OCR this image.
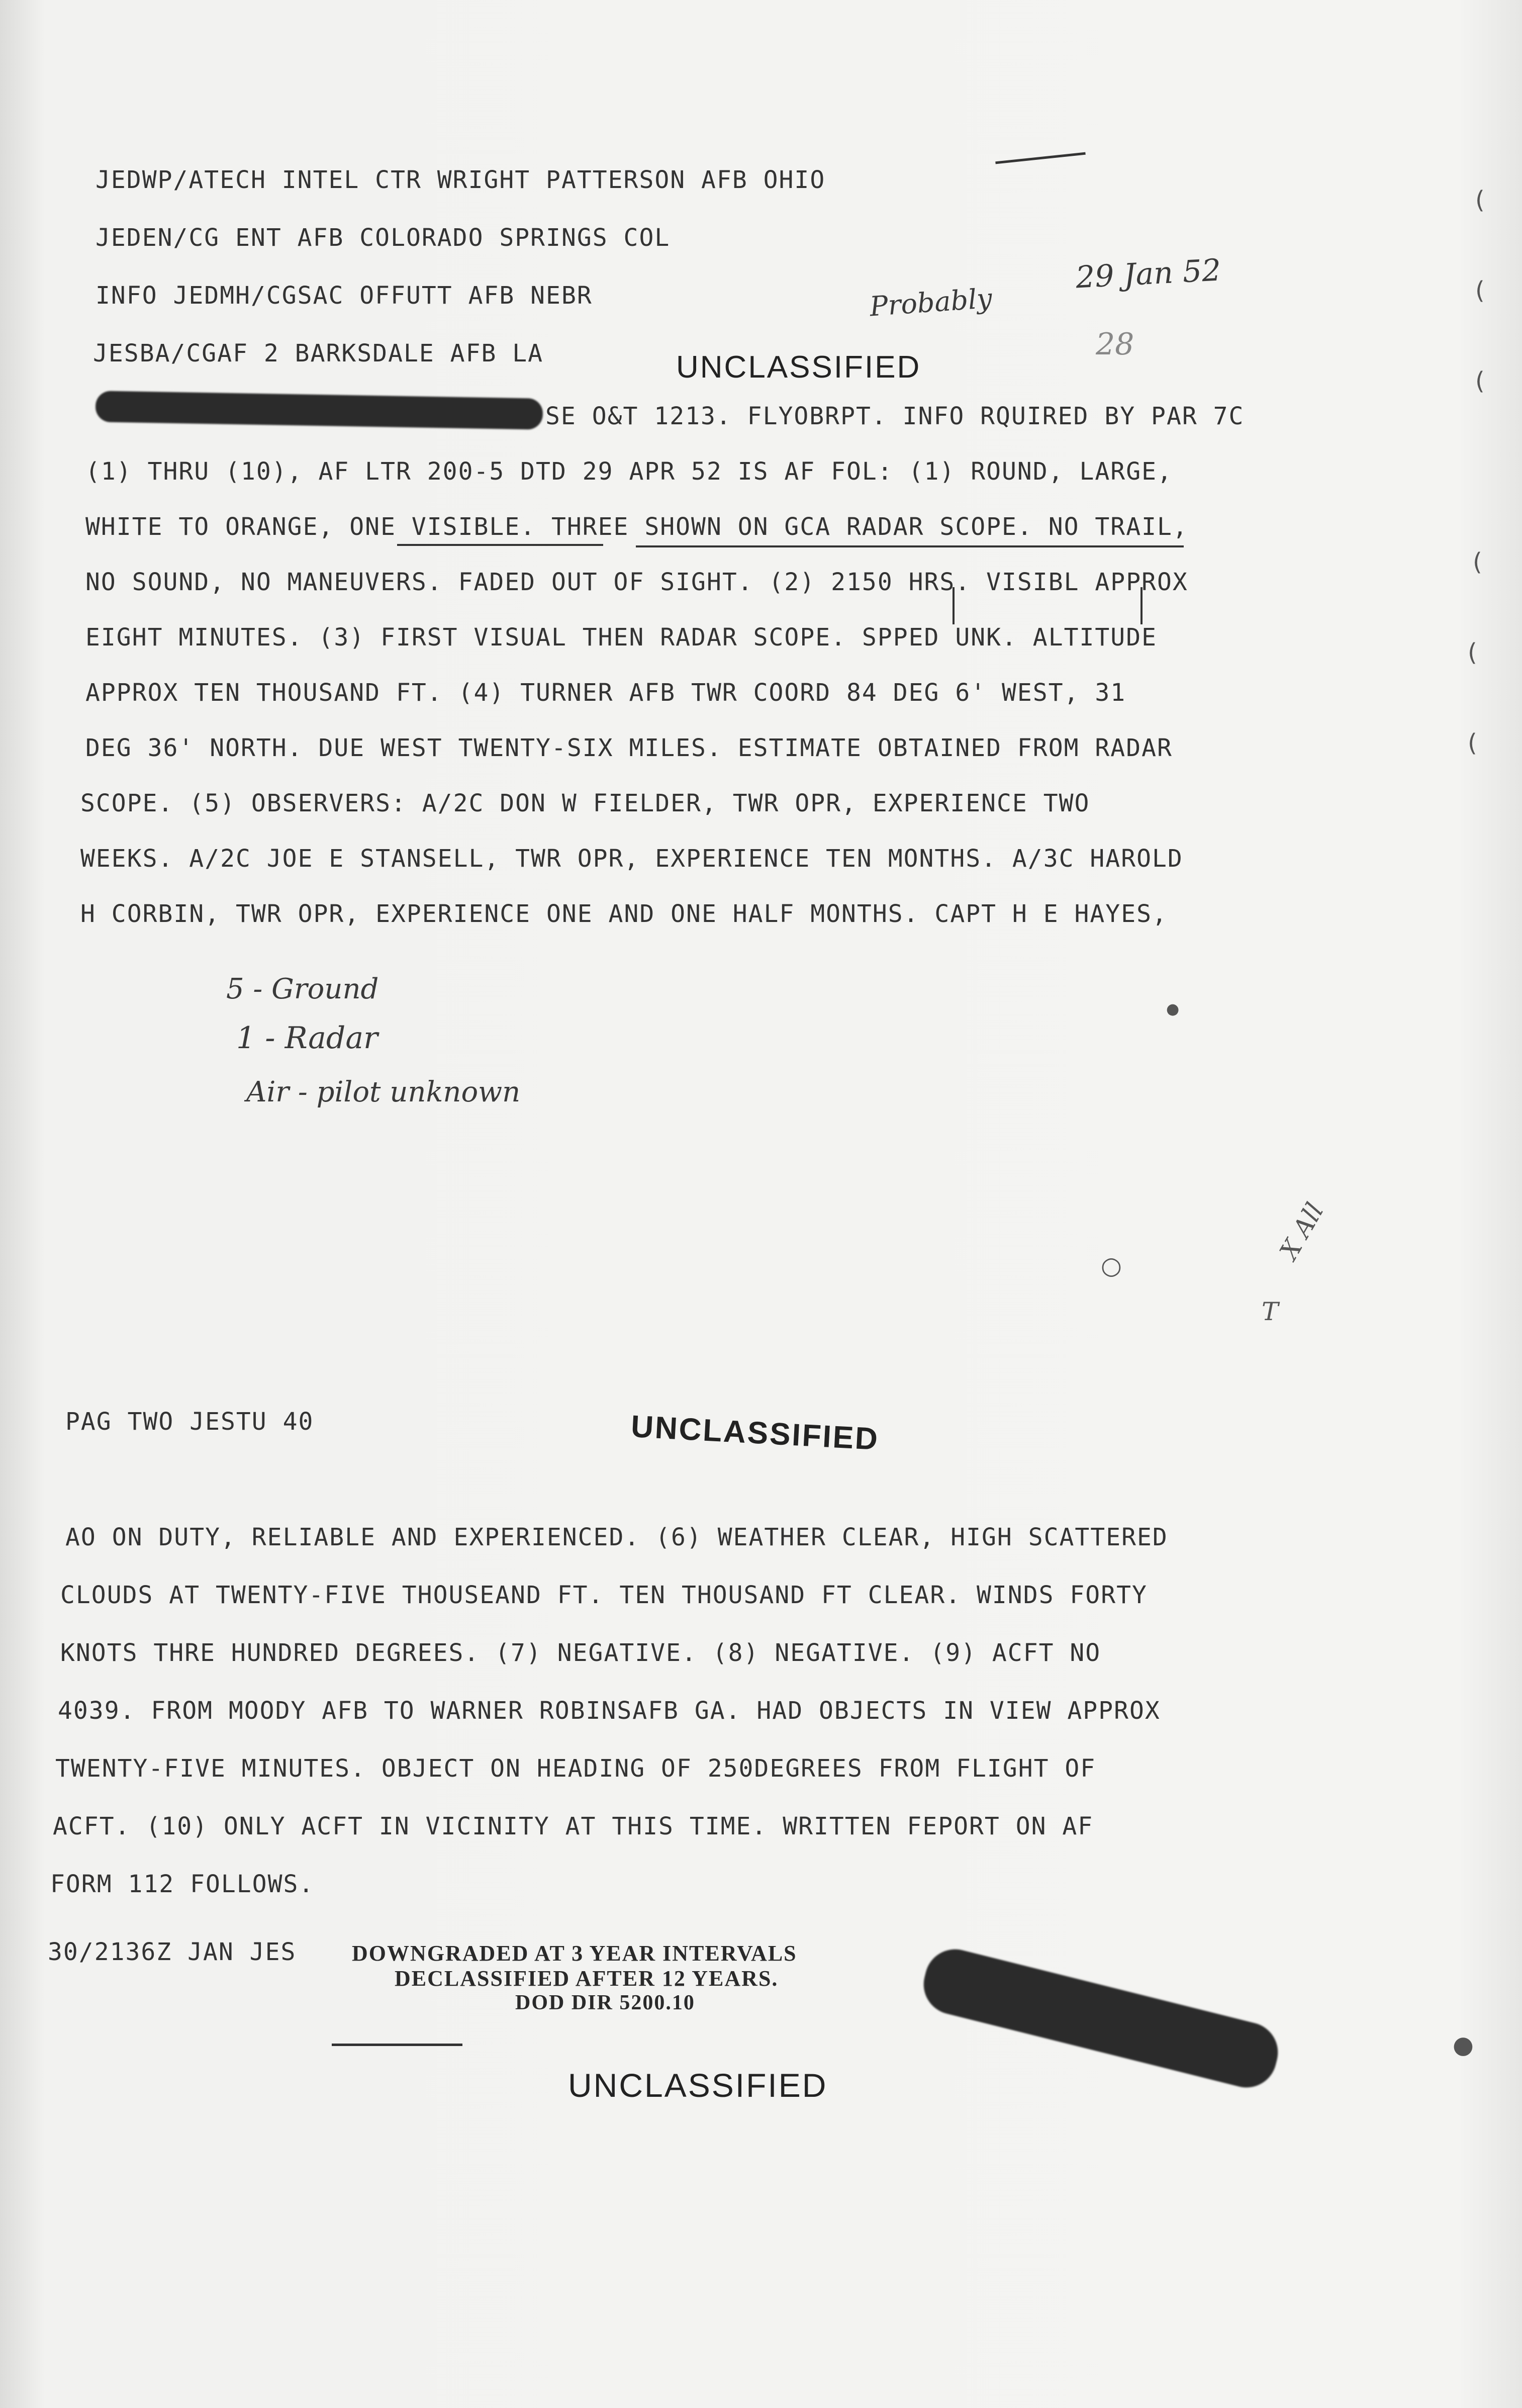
JEDWP/ATECH INTEL CTR WRIGHT PATTERSON AFB OHIO
JEDEN/CG ENT AFB COLORADO SPRINGS COL
INFO JEDMH/CGSAC OFFUTT AFB NEBR
JESBA/CGAF 2 BARKSDALE AFB LA	UNCLASSIFIED
Probably
29 Jan 52
28
SE O&T 1213. FLYOBRPT. INFO RQUIRED BY PAR 7C
(1) THRU (10), AF LTR 200-5 DTD 29 APR 52 IS AF FOL: (1) ROUND, LARGE,
WHITE TO ORANGE, ONE VISIBLE. THREE SHOWN ON GCA RADAR SCOPE. NO TRAIL,
NO SOUND, NO MANEUVERS. FADED OUT OF SIGHT. (2) 2150 HRS. VISIBL APPROX
EIGHT MINUTES. (3) FIRST VISUAL THEN RADAR SCOPE. SPPED UNK. ALTITUDE
APPROX TEN THOUSAND FT. (4) TURNER AFB TWR COORD 84 DEG 6' WEST, 31
DEG 36' NORTH. DUE WEST TWENTY-SIX MILES. ESTIMATE OBTAINED FROM RADAR
SCOPE. (5) OBSERVERS: A/2C DON W FIELDER, TWR OPR, EXPERIENCE TWO
WEEKS. A/2C JOE E STANSELL, TWR OPR, EXPERIENCE TEN MONTHS. A/3C HAROLD
H CORBIN, TWR OPR, EXPERIENCE ONE AND ONE HALF MONTHS. CAPT H E HAYES,
5 - Ground
1 - Radar
Air - pilot unknown
X All
T
○
●
(
(
(
(
(
(
●
PAG TWO JESTU 40	UNCLASSIFIED
AO ON DUTY, RELIABLE AND EXPERIENCED. (6) WEATHER CLEAR, HIGH SCATTERED
CLOUDS AT TWENTY-FIVE THOUSEAND FT. TEN THOUSAND FT CLEAR. WINDS FORTY
KNOTS THRE HUNDRED DEGREES. (7) NEGATIVE. (8) NEGATIVE. (9) ACFT NO
4039. FROM MOODY AFB TO WARNER ROBINSAFB GA. HAD OBJECTS IN VIEW APPROX
TWENTY-FIVE MINUTES. OBJECT ON HEADING OF 250DEGREES FROM FLIGHT OF
ACFT. (10) ONLY ACFT IN VICINITY AT THIS TIME. WRITTEN FEPORT ON AF
FORM 112 FOLLOWS.
30/2136Z JAN JES	DOWNGRADED AT 3 YEAR INTERVALS
DECLASSIFIED AFTER 12 YEARS.
DOD DIR 5200.10
UNCLASSIFIED
